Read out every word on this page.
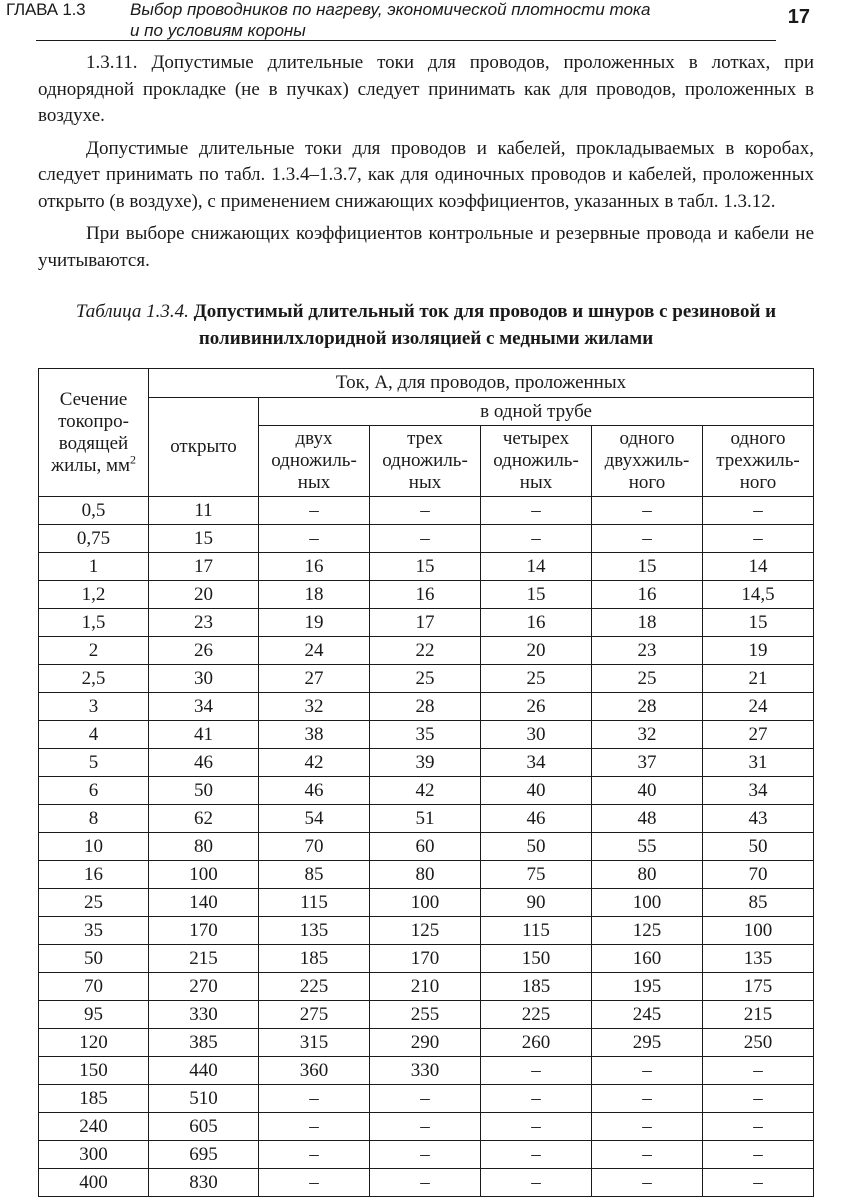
ГЛАВА 1.3	Выбор проводников по нагреву, экономической плотности тока
и по условиям короны
17

1.3.11. Допустимые длительные токи для проводов, проложенных в лотках, при однорядной прокладке (не в пучках) следует принимать как для проводов, проложенных в воздухе.

Допустимые длительные токи для проводов и кабелей, прокладываемых в коробах, следует принимать по табл. 1.3.4–1.3.7, как для одиночных проводов и кабелей, проложенных открыто (в воздухе), с применением снижающих коэффициентов, указанных в табл. 1.3.12.

При выборе снижающих коэффициентов контрольные и резервные провода и кабели не учитываются.

Таблица 1.3.4. Допустимый длительный ток для проводов и шнуров с резиновой и поливинилхлоридной изоляцией с медными жилами
Сечение токопро-водящей жилы, $мм^2$	Ток, А, для проводов, проложенных					
	открыто	в одной трубе				
		двух одножиль-ных	трех одножиль-ных	четырех одножиль-ных	одного двухжиль-ного	одного трехжиль-ного
0,5	11	–	–	–	–	–
0,75	15	–	–	–	–	–
1	17	16	15	14	15	14
1,2	20	18	16	15	16	14,5
1,5	23	19	17	16	18	15
2	26	24	22	20	23	19
2,5	30	27	25	25	25	21
3	34	32	28	26	28	24
4	41	38	35	30	32	27
5	46	42	39	34	37	31
6	50	46	42	40	40	34
8	62	54	51	46	48	43
10	80	70	60	50	55	50
16	100	85	80	75	80	70
25	140	115	100	90	100	85
35	170	135	125	115	125	100
50	215	185	170	150	160	135
70	270	225	210	185	195	175
95	330	275	255	225	245	215
120	385	315	290	260	295	250
150	440	360	330	–	–	–
185	510	–	–	–	–	–
240	605	–	–	–	–	–
300	695	–	–	–	–	–
400	830	–	–	–	–	–
